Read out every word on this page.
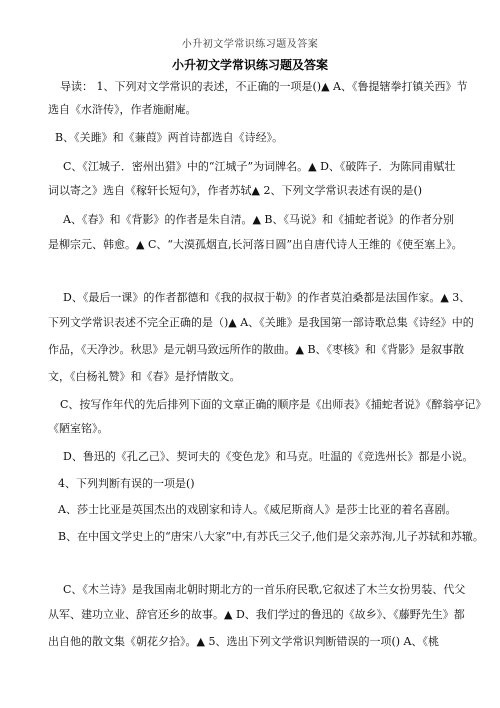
小升初文学常识练习题及答案
小升初文学常识练习题及答案
导读： 1、下列对文学常识的表述，不正确的一项是()▲ A、《鲁提辖拳打镇关西》节
选自《水浒传》，作者施耐庵。
B、《关雎》和《蒹葭》两首诗都选自《诗经》。
C、《江城子．密州出猎》中的“江城子”为词牌名。▲ D、《破阵子．为陈同甫赋壮
词以寄之》选自《稼轩长短句》，作者苏轼▲ 2、下列文学常识表述有误的是()
A、《春》和《背影》的作者是朱自清。▲ B、《马说》和《捕蛇者说》的作者分别
是柳宗元、韩愈。▲ C、“大漠孤烟直,长河落日圆”出自唐代诗人王维的《使至塞上》。
D、《最后一课》的作者都德和《我的叔叔于勒》的作者莫泊桑都是法国作家。▲ 3、
下列文学常识表述不完全正确的是（)▲ A、《关雎》是我国第一部诗歌总集《诗经》中的
作品，《天净沙。秋思》是元朝马致远所作的散曲。▲ B、《枣核》和《背影》是叙事散
文，《白杨礼赞》和《春》是抒情散文。
C、按写作年代的先后排列下面的文章正确的顺序是《出师表》《捕蛇者说》《醉翁亭记》
《陋室铭》。
D、鲁迅的《孔乙己》、契诃夫的《变色龙》和马克。吐温的《竞选州长》都是小说。
4、下列判断有误的一项是()
A、莎士比亚是英国杰出的戏剧家和诗人。《威尼斯商人》是莎士比亚的着名喜剧。
B、在中国文学史上的“唐宋八大家”中,有苏氏三父子,他们是父亲苏洵,儿子苏轼和苏辙。
C、《木兰诗》是我国南北朝时期北方的一首乐府民歌,它叙述了木兰女扮男装、代父
从军、建功立业、辞官还乡的故事。▲ D、我们学过的鲁迅的《故乡》、《藤野先生》都
出自他的散文集《朝花夕拾》。▲ 5、选出下列文学常识判断错误的一项() A、《桃
